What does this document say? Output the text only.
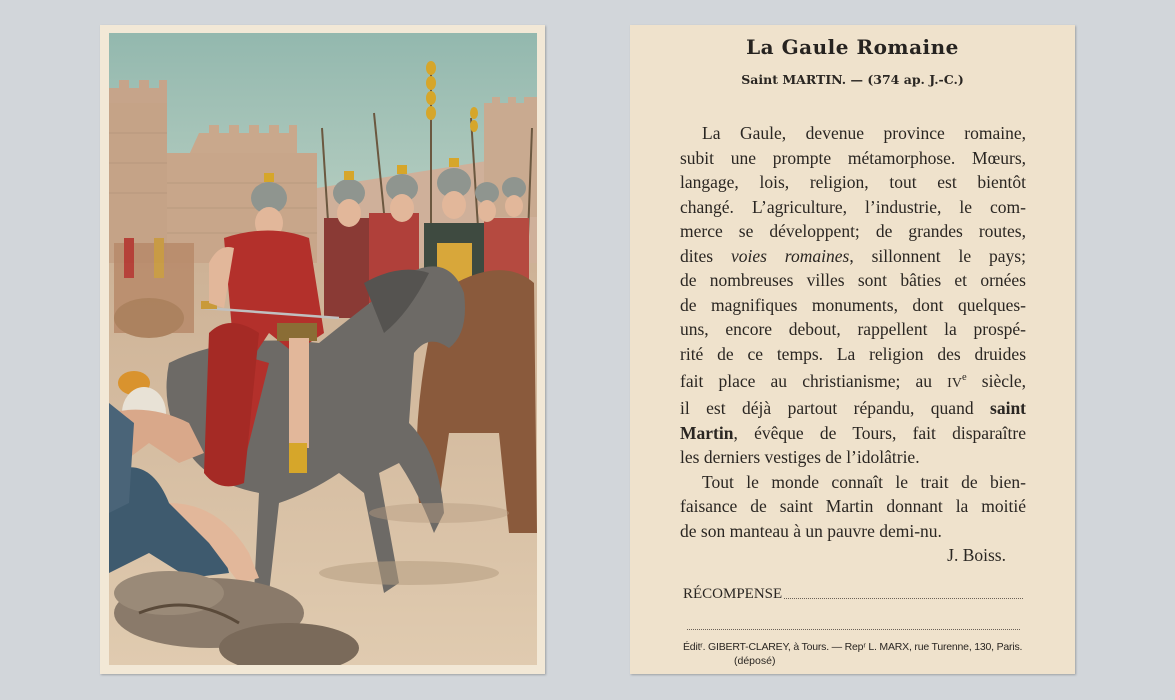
La Gaule Romaine
Saint MARTIN. — (374 ap. J.-C.)
La Gaule, devenue province romaine,
subit une prompte métamorphose. Mœurs,
langage, lois, religion, tout est bientôt
changé. L’agriculture, l’industrie, le com-
merce se développent; de grandes routes,
dites voies romaines, sillonnent le pays;
de nombreuses villes sont bâties et ornées
de magnifiques monuments, dont quelques-
uns, encore debout, rappellent la prospé-
rité de ce temps. La religion des druides
fait place au christianisme; au IVe siècle,
il est déjà partout répandu, quand saint
Martin, évêque de Tours, fait disparaître
les derniers vestiges de l’idolâtrie.
Tout le monde connaît le trait de bien-
faisance de saint Martin donnant la moitié
de son manteau à un pauvre demi-nu.
J. Boiss.
RÉCOMPENSE
Éditʳ. GIBERT-CLAREY, à Tours. — Repʳ L. MARX, rue Turenne, 130, Paris.
(déposé)
